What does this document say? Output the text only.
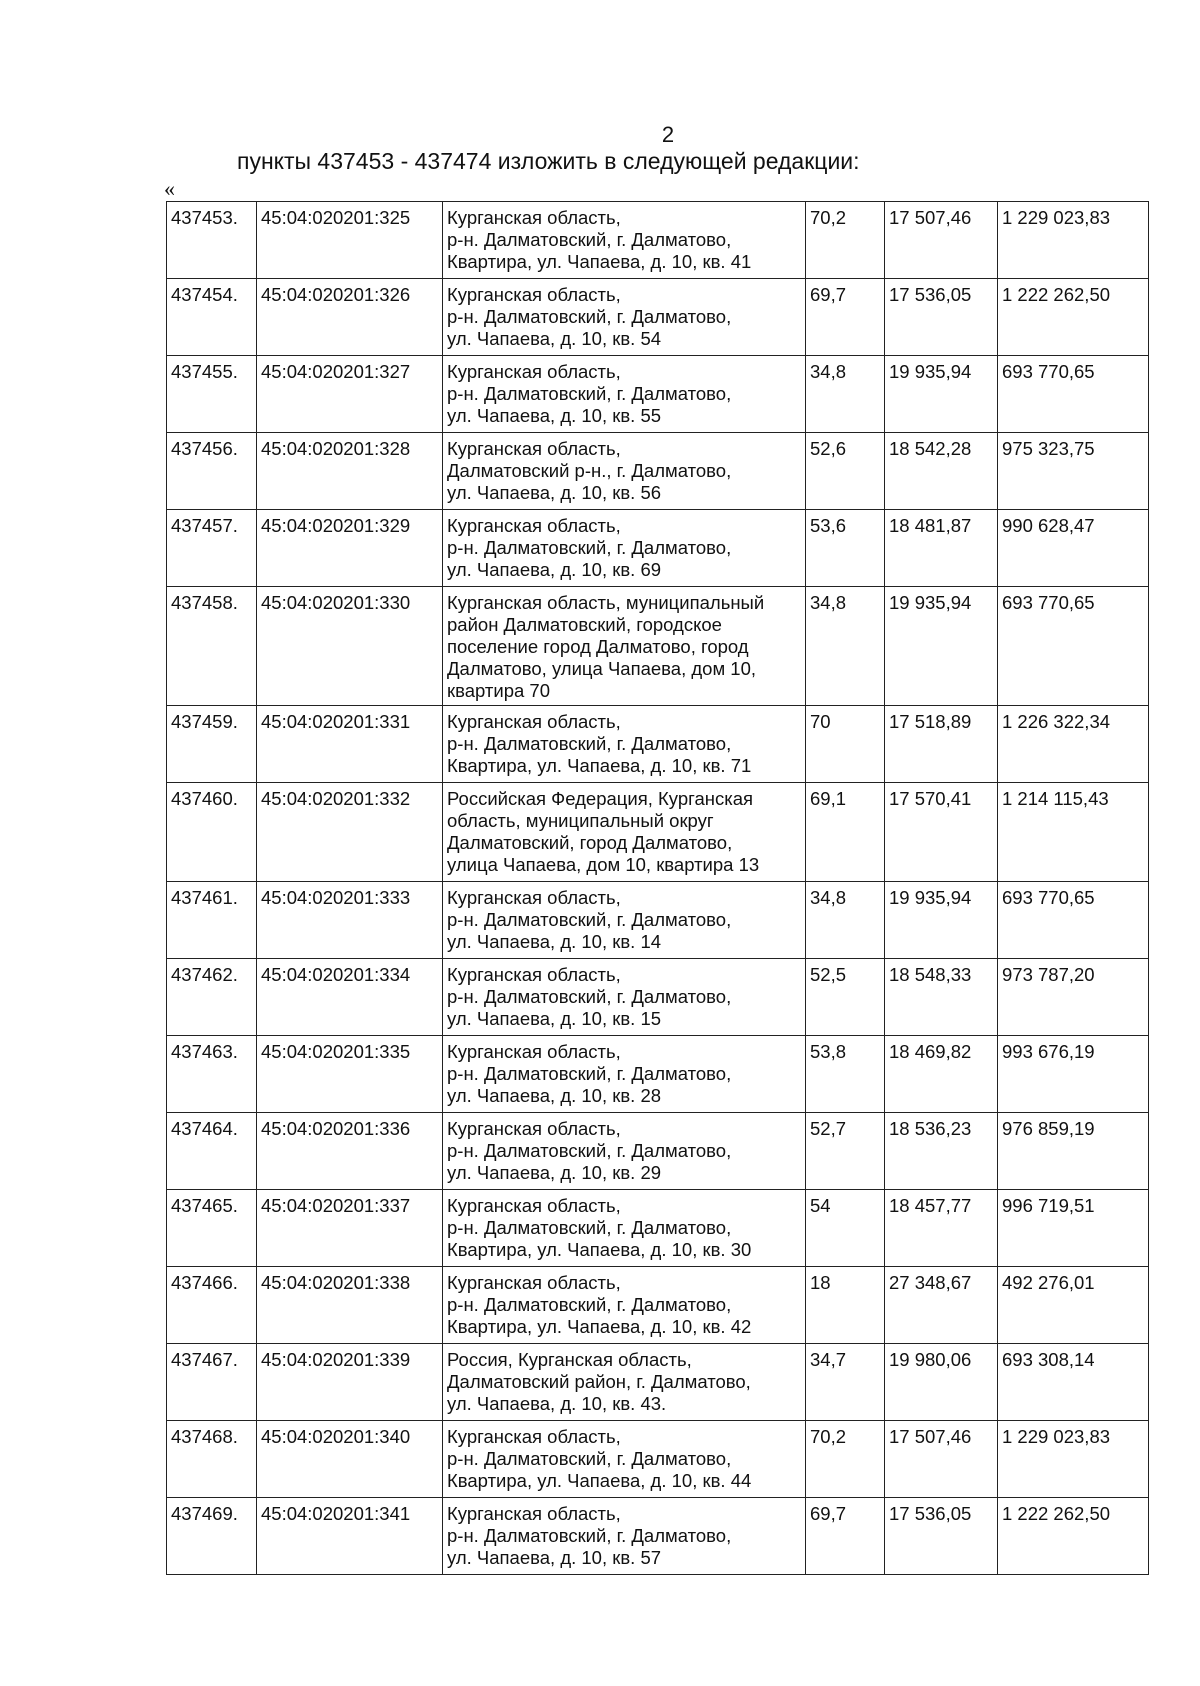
2
пункты 437453 - 437474 изложить в следующей редакции:
«
437453.	45:04:020201:325	Курганская область,
р-н. Далматовский, г. Далматово,
Квартира, ул. Чапаева, д. 10, кв. 41	70,2	17 507,46	1 229 023,83
437454.	45:04:020201:326	Курганская область,
р-н. Далматовский, г. Далматово,
ул. Чапаева, д. 10, кв. 54	69,7	17 536,05	1 222 262,50
437455.	45:04:020201:327	Курганская область,
р-н. Далматовский, г. Далматово,
ул. Чапаева, д. 10, кв. 55	34,8	19 935,94	693 770,65
437456.	45:04:020201:328	Курганская область,
Далматовский р-н., г. Далматово,
ул. Чапаева, д. 10, кв. 56	52,6	18 542,28	975 323,75
437457.	45:04:020201:329	Курганская область,
р-н. Далматовский, г. Далматово,
ул. Чапаева, д. 10, кв. 69	53,6	18 481,87	990 628,47
437458.	45:04:020201:330	Курганская область, муниципальный
район Далматовский, городское
поселение город Далматово, город
Далматово, улица Чапаева, дом 10,
квартира 70	34,8	19 935,94	693 770,65
437459.	45:04:020201:331	Курганская область,
р-н. Далматовский, г. Далматово,
Квартира, ул. Чапаева, д. 10, кв. 71	70	17 518,89	1 226 322,34
437460.	45:04:020201:332	Российская Федерация, Курганская
область, муниципальный округ
Далматовский, город Далматово,
улица Чапаева, дом 10, квартира 13	69,1	17 570,41	1 214 115,43
437461.	45:04:020201:333	Курганская область,
р-н. Далматовский, г. Далматово,
ул. Чапаева, д. 10, кв. 14	34,8	19 935,94	693 770,65
437462.	45:04:020201:334	Курганская область,
р-н. Далматовский, г. Далматово,
ул. Чапаева, д. 10, кв. 15	52,5	18 548,33	973 787,20
437463.	45:04:020201:335	Курганская область,
р-н. Далматовский, г. Далматово,
ул. Чапаева, д. 10, кв. 28	53,8	18 469,82	993 676,19
437464.	45:04:020201:336	Курганская область,
р-н. Далматовский, г. Далматово,
ул. Чапаева, д. 10, кв. 29	52,7	18 536,23	976 859,19
437465.	45:04:020201:337	Курганская область,
р-н. Далматовский, г. Далматово,
Квартира, ул. Чапаева, д. 10, кв. 30	54	18 457,77	996 719,51
437466.	45:04:020201:338	Курганская область,
р-н. Далматовский, г. Далматово,
Квартира, ул. Чапаева, д. 10, кв. 42	18	27 348,67	492 276,01
437467.	45:04:020201:339	Россия, Курганская область,
Далматовский район, г. Далматово,
ул. Чапаева, д. 10, кв. 43.	34,7	19 980,06	693 308,14
437468.	45:04:020201:340	Курганская область,
р-н. Далматовский, г. Далматово,
Квартира, ул. Чапаева, д. 10, кв. 44	70,2	17 507,46	1 229 023,83
437469.	45:04:020201:341	Курганская область,
р-н. Далматовский, г. Далматово,
ул. Чапаева, д. 10, кв. 57	69,7	17 536,05	1 222 262,50
